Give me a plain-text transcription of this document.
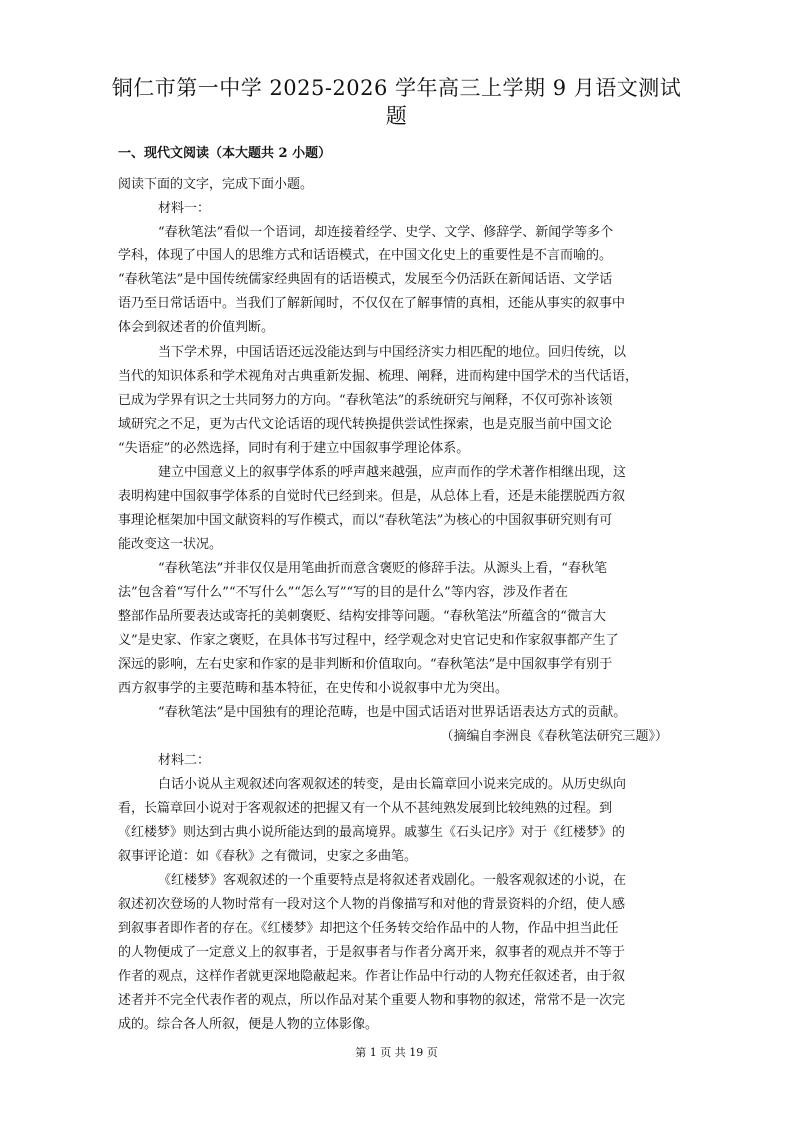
铜仁市第一中学 2025-2026 学年高三上学期 9 月语文测试
题

一、现代文阅读（本大题共 2 小题）

阅读下面的文字，完成下面小题。

材料一：

“春秋笔法”看似一个语词，却连接着经学、史学、文学、修辞学、新闻学等多个

学科，体现了中国人的思维方式和话语模式，在中国文化史上的重要性是不言而喻的。

“春秋笔法”是中国传统儒家经典固有的话语模式，发展至今仍活跃在新闻话语、文学话

语乃至日常话语中。当我们了解新闻时，不仅仅在了解事情的真相，还能从事实的叙事中

体会到叙述者的价值判断。

当下学术界，中国话语还远没能达到与中国经济实力相匹配的地位。回归传统，以

当代的知识体系和学术视角对古典重新发掘、梳理、阐释，进而构建中国学术的当代话语，

已成为学界有识之士共同努力的方向。“春秋笔法”的系统研究与阐释，不仅可弥补该领

域研究之不足，更为古代文论话语的现代转换提供尝试性探索，也是克服当前中国文论

“失语症”的必然选择，同时有利于建立中国叙事学理论体系。

建立中国意义上的叙事学体系的呼声越来越强，应声而作的学术著作相继出现，这

表明构建中国叙事学体系的自觉时代已经到来。但是，从总体上看，还是未能摆脱西方叙

事理论框架加中国文献资料的写作模式，而以“春秋笔法”为核心的中国叙事研究则有可

能改变这一状况。

“春秋笔法”并非仅仅是用笔曲折而意含褒贬的修辞手法。从源头上看，“春秋笔

法”包含着“写什么”“不写什么”“怎么写”“写的目的是什么”等内容，涉及作者在

整部作品所要表达或寄托的美刺褒贬、结构安排等问题。“春秋笔法”所蕴含的“微言大

义”是史家、作家之褒贬，在具体书写过程中，经学观念对史官记史和作家叙事都产生了

深远的影响，左右史家和作家的是非判断和价值取向。“春秋笔法”是中国叙事学有别于

西方叙事学的主要范畴和基本特征，在史传和小说叙事中尤为突出。

“春秋笔法”是中国独有的理论范畴，也是中国式话语对世界话语表达方式的贡献。

（摘编自李洲良《春秋笔法研究三题》）

材料二：

白话小说从主观叙述向客观叙述的转变，是由长篇章回小说来完成的。从历史纵向

看，长篇章回小说对于客观叙述的把握又有一个从不甚纯熟发展到比较纯熟的过程。到

《红楼梦》则达到古典小说所能达到的最高境界。戚蓼生《石头记序》对于《红楼梦》的

叙事评论道：如《春秋》之有微词，史家之多曲笔。

《红楼梦》客观叙述的一个重要特点是将叙述者戏剧化。一般客观叙述的小说，在

叙述初次登场的人物时常有一段对这个人物的肖像描写和对他的背景资料的介绍，使人感

到叙事者即作者的存在。《红楼梦》却把这个任务转交给作品中的人物，作品中担当此任

的人物便成了一定意义上的叙事者，于是叙事者与作者分离开来，叙事者的观点并不等于

作者的观点，这样作者就更深地隐蔽起来。作者让作品中行动的人物充任叙述者，由于叙

述者并不完全代表作者的观点，所以作品对某个重要人物和事物的叙述，常常不是一次完

成的。综合各人所叙，便是人物的立体影像。

第 1 页 共 19 页
